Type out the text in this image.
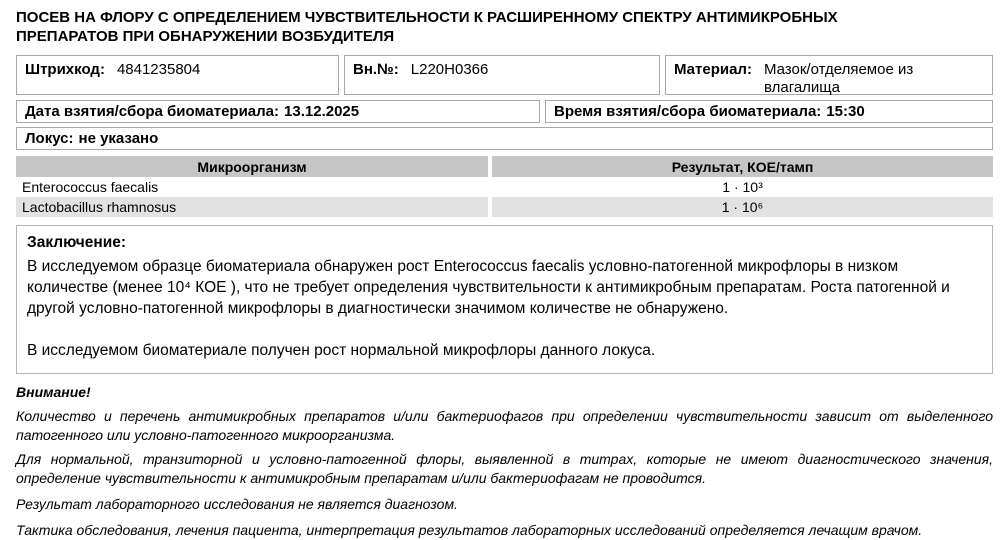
ПОСЕВ НА ФЛОРУ С ОПРЕДЕЛЕНИЕМ ЧУВСТВИТЕЛЬНОСТИ К РАСШИРЕННОМУ СПЕКТРУ АНТИМИКРОБНЫХ ПРЕПАРАТОВ ПРИ ОБНАРУЖЕНИИ ВОЗБУДИТЕЛЯ
Штрихкод: 4841235804	Вн.№: L220H0366	Материал: Мазок/отделяемое из влагалища
Дата взятия/сбора биоматериала: 13.12.2025	Время взятия/сбора биоматериала: 15:30
Локус: не указано
Микроорганизм	Результат, КОЕ/тамп
Enterococcus faecalis	1 · 10³
Lactobacillus rhamnosus	1 · 10⁶
Заключение:

В исследуемом образце биоматериала обнаружен рост Enterococcus faecalis условно-патогенной микрофлоры в низком количестве (менее 10⁴ КОЕ ), что не требует определения чувствительности к антимикробным препаратам. Роста патогенной и другой условно-патогенной микрофлоры в диагностически значимом количестве не обнаружено.

В исследуемом биоматериале получен рост нормальной микрофлоры данного локуса.

Внимание!

Количество и перечень антимикробных препаратов и/или бактериофагов при определении чувствительности зависит от выделенного патогенного или условно-патогенного микроорганизма.

Для нормальной, транзиторной и условно-патогенной флоры, выявленной в титрах, которые не имеют диагностического значения, определение чувствительности к антимикробным препаратам и/или бактериофагам не проводится.

Результат лабораторного исследования не является диагнозом.

Тактика обследования, лечения пациента, интерпретация результатов лабораторных исследований определяется лечащим врачом.
